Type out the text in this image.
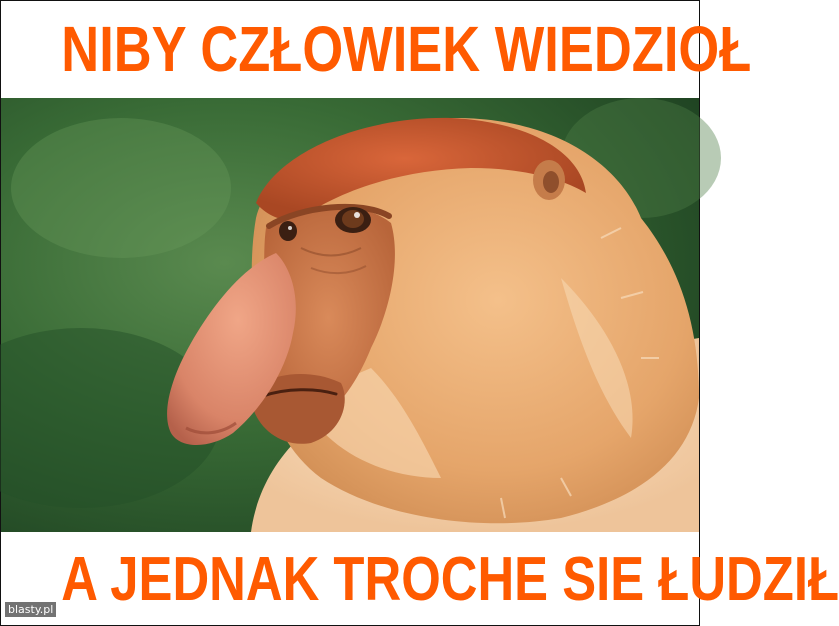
NIBY CZŁOWIEK WIEDZIOŁ
A JEDNAK TROCHE SIE ŁUDZIŁ
blasty.pl
